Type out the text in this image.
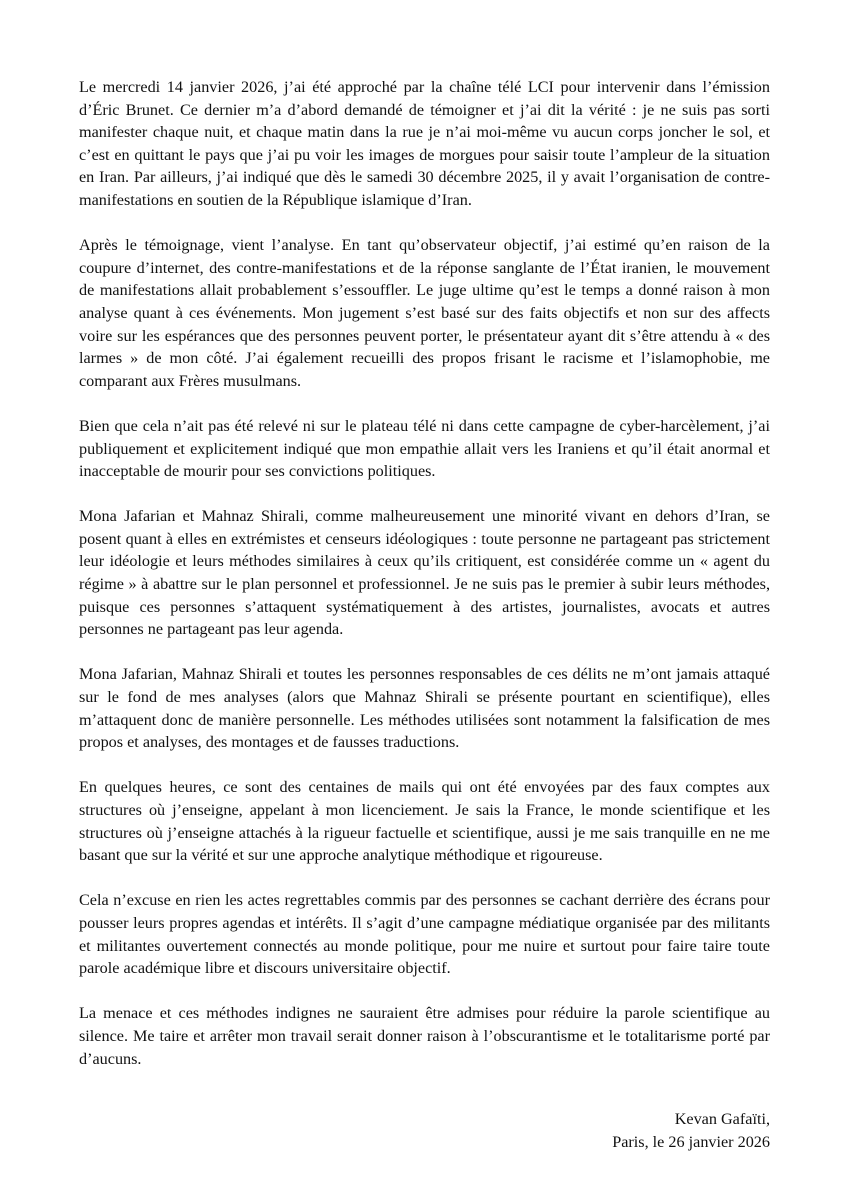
Le mercredi 14 janvier 2026, j’ai été approché par la chaîne télé LCI pour intervenir dans l’émission d’Éric Brunet. Ce dernier m’a d’abord demandé de témoigner et j’ai dit la vérité : je ne suis pas sorti manifester chaque nuit, et chaque matin dans la rue je n’ai moi-même vu aucun corps joncher le sol, et c’est en quittant le pays que j’ai pu voir les images de morgues pour saisir toute l’ampleur de la situation en Iran. Par ailleurs, j’ai indiqué que dès le samedi 30 décembre 2025, il y avait l’organisation de contre-manifestations en soutien de la République islamique d’Iran.

Après le témoignage, vient l’analyse. En tant qu’observateur objectif, j’ai estimé qu’en raison de la coupure d’internet, des contre-manifestations et de la réponse sanglante de l’État iranien, le mouvement de manifestations allait probablement s’essouffler. Le juge ultime qu’est le temps a donné raison à mon analyse quant à ces événements. Mon jugement s’est basé sur des faits objectifs et non sur des affects voire sur les espérances que des personnes peuvent porter, le présentateur ayant dit s’être attendu à « des larmes » de mon côté. J’ai également recueilli des propos frisant le racisme et l’islamophobie, me comparant aux Frères musulmans.

Bien que cela n’ait pas été relevé ni sur le plateau télé ni dans cette campagne de cyber-harcèlement, j’ai publiquement et explicitement indiqué que mon empathie allait vers les Iraniens et qu’il était anormal et inacceptable de mourir pour ses convictions politiques.

Mona Jafarian et Mahnaz Shirali, comme malheureusement une minorité vivant en dehors d’Iran, se posent quant à elles en extrémistes et censeurs idéologiques : toute personne ne partageant pas strictement leur idéologie et leurs méthodes similaires à ceux qu’ils critiquent, est considérée comme un « agent du régime » à abattre sur le plan personnel et professionnel. Je ne suis pas le premier à subir leurs méthodes, puisque ces personnes s’attaquent systématiquement à des artistes, journalistes, avocats et autres personnes ne partageant pas leur agenda.

Mona Jafarian, Mahnaz Shirali et toutes les personnes responsables de ces délits ne m’ont jamais attaqué sur le fond de mes analyses (alors que Mahnaz Shirali se présente pourtant en scientifique), elles m’attaquent donc de manière personnelle. Les méthodes utilisées sont notamment la falsification de mes propos et analyses, des montages et de fausses traductions.

En quelques heures, ce sont des centaines de mails qui ont été envoyées par des faux comptes aux structures où j’enseigne, appelant à mon licenciement. Je sais la France, le monde scientifique et les structures où j’enseigne attachés à la rigueur factuelle et scientifique, aussi je me sais tranquille en ne me basant que sur la vérité et sur une approche analytique méthodique et rigoureuse.

Cela n’excuse en rien les actes regrettables commis par des personnes se cachant derrière des écrans pour pousser leurs propres agendas et intérêts. Il s’agit d’une campagne médiatique organisée par des militants et militantes ouvertement connectés au monde politique, pour me nuire et surtout pour faire taire toute parole académique libre et discours universitaire objectif.

La menace et ces méthodes indignes ne sauraient être admises pour réduire la parole scientifique au silence. Me taire et arrêter mon travail serait donner raison à l’obscurantisme et le totalitarisme porté par d’aucuns.

Kevan Gafaïti,
Paris, le 26 janvier 2026
